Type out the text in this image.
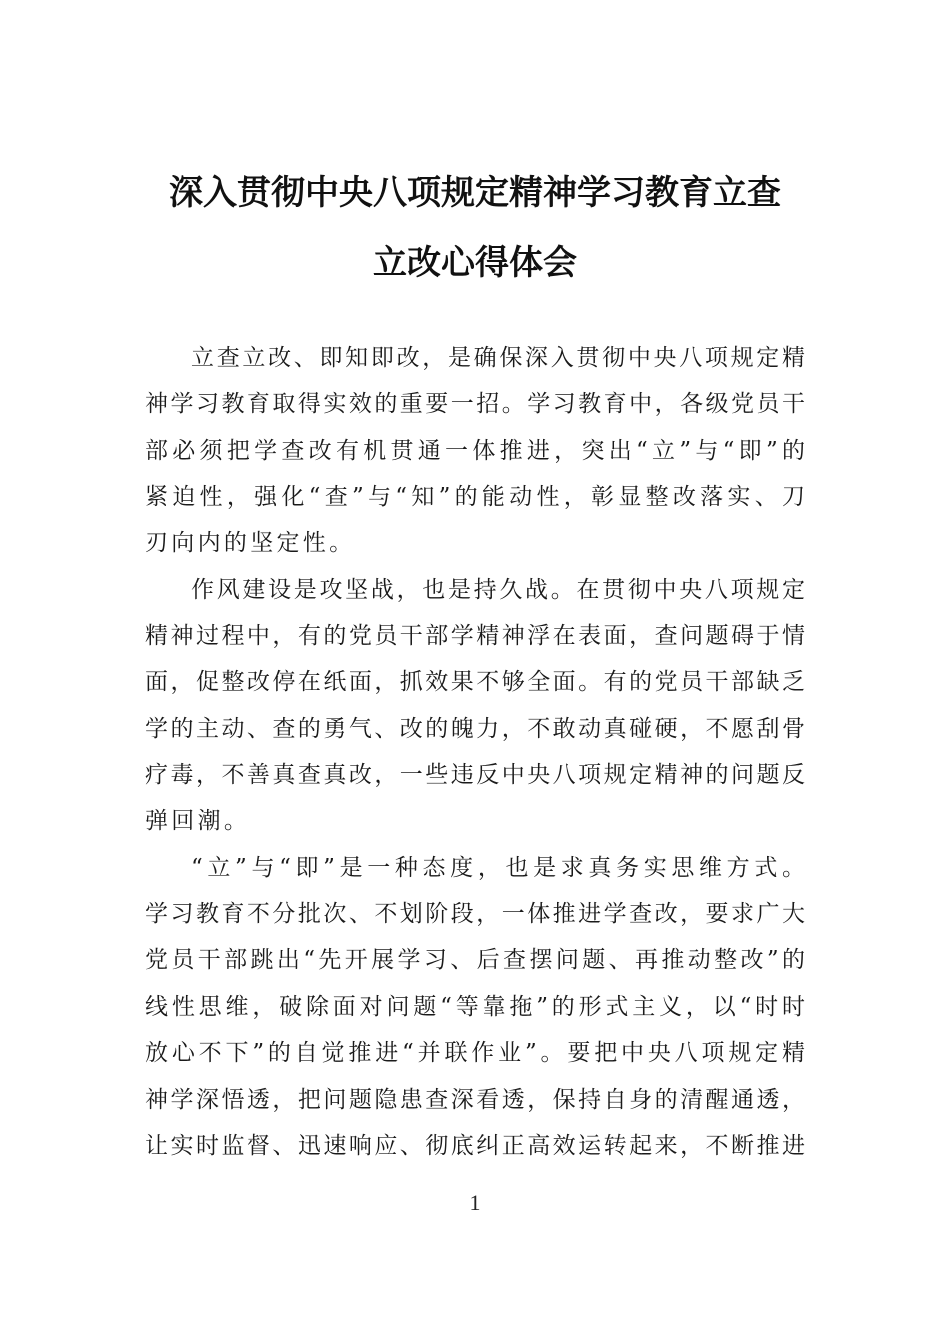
深入贯彻中央八项规定精神学习教育立查
立改心得体会
立查立改、即知即改，是确保深入贯彻中央八项规定精
神学习教育取得实效的重要一招。学习教育中，各级党员干
部必须把学查改有机贯通一体推进，突出“立”与“即”的
紧迫性，强化“查”与“知”的能动性，彰显整改落实、刀
刃向内的坚定性。
作风建设是攻坚战，也是持久战。在贯彻中央八项规定
精神过程中，有的党员干部学精神浮在表面，查问题碍于情
面，促整改停在纸面，抓效果不够全面。有的党员干部缺乏
学的主动、查的勇气、改的魄力，不敢动真碰硬，不愿刮骨
疗毒，不善真查真改，一些违反中央八项规定精神的问题反
弹回潮。
“立”与“即”是一种态度，也是求真务实思维方式。
学习教育不分批次、不划阶段，一体推进学查改，要求广大
党员干部跳出“先开展学习、后查摆问题、再推动整改”的
线性思维，破除面对问题“等靠拖”的形式主义，以“时时
放心不下”的自觉推进“并联作业”。要把中央八项规定精
神学深悟透，把问题隐患查深看透，保持自身的清醒通透，
让实时监督、迅速响应、彻底纠正高效运转起来，不断推进
1
